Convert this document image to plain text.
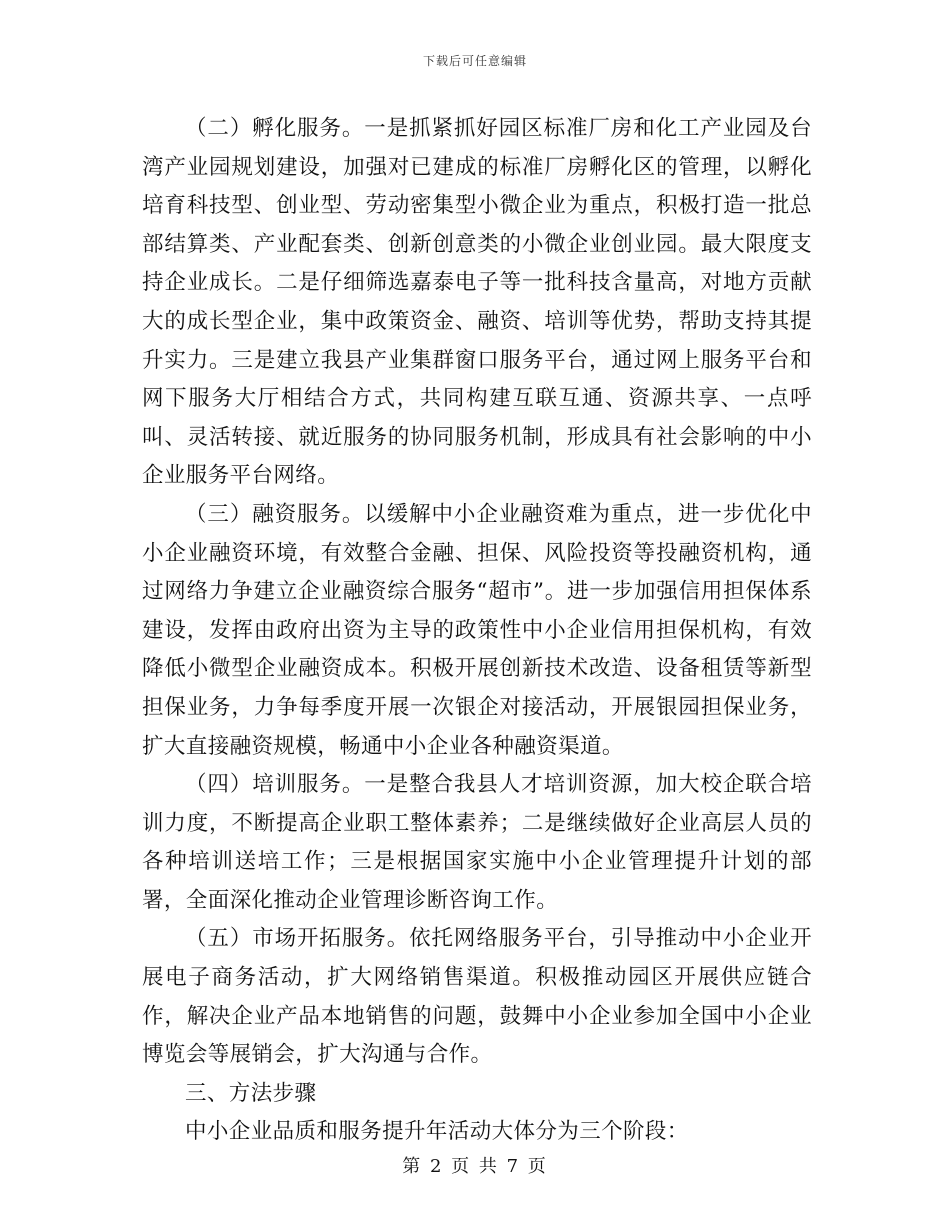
下载后可任意编辑

（二）孵化服务。一是抓紧抓好园区标准厂房和化工产业园及台湾产业园规划建设，加强对已建成的标准厂房孵化区的管理，以孵化培育科技型、创业型、劳动密集型小微企业为重点，积极打造一批总部结算类、产业配套类、创新创意类的小微企业创业园。最大限度支持企业成长。二是仔细筛选嘉泰电子等一批科技含量高，对地方贡献大的成长型企业，集中政策资金、融资、培训等优势，帮助支持其提升实力。三是建立我县产业集群窗口服务平台，通过网上服务平台和网下服务大厅相结合方式，共同构建互联互通、资源共享、一点呼叫、灵活转接、就近服务的协同服务机制，形成具有社会影响的中小企业服务平台网络。

（三）融资服务。以缓解中小企业融资难为重点，进一步优化中小企业融资环境，有效整合金融、担保、风险投资等投融资机构，通过网络力争建立企业融资综合服务“超市”。进一步加强信用担保体系建设，发挥由政府出资为主导的政策性中小企业信用担保机构，有效降低小微型企业融资成本。积极开展创新技术改造、设备租赁等新型担保业务，力争每季度开展一次银企对接活动，开展银园担保业务，扩大直接融资规模，畅通中小企业各种融资渠道。

（四）培训服务。一是整合我县人才培训资源，加大校企联合培训力度，不断提高企业职工整体素养；二是继续做好企业高层人员的各种培训送培工作；三是根据国家实施中小企业管理提升计划的部署，全面深化推动企业管理诊断咨询工作。

（五）市场开拓服务。依托网络服务平台，引导推动中小企业开展电子商务活动，扩大网络销售渠道。积极推动园区开展供应链合作，解决企业产品本地销售的问题，鼓舞中小企业参加全国中小企业博览会等展销会，扩大沟通与合作。

三、方法步骤

中小企业品质和服务提升年活动大体分为三个阶段：

第 2 页 共 7 页
